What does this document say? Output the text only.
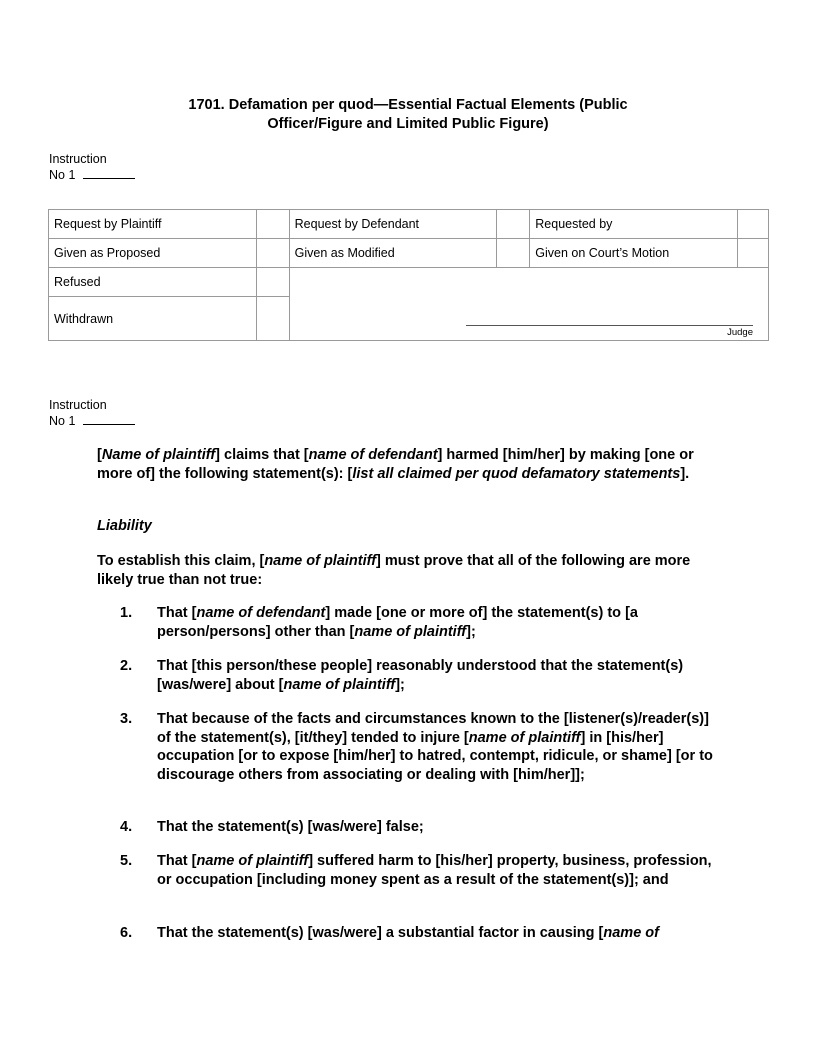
1701. Defamation per quod—Essential Factual Elements (Public
Officer/Figure and Limited Public Figure)
Instruction
No 1
Request by Plaintiff		Request by Defendant		Requested by	
Given as Proposed		Given as Modified		Given on Court’s Motion	
Refused		Judge			

Withdrawn					
Instruction
No 1

[Name of plaintiff] claims that [name of defendant] harmed [him/her] by making [one or more of] the following statement(s): [list all claimed per quod defamatory statements].

Liability

To establish this claim, [name of plaintiff] must prove that all of the following are more likely true than not true:

1.	That [name of defendant] made [one or more of] the statement(s) to [a person/persons] other than [name of plaintiff];
2.	That [this person/these people] reasonably understood that the statement(s) [was/were] about [name of plaintiff];
3.	That because of the facts and circumstances known to the [listener(s)/reader(s)] of the statement(s), [it/they] tended to injure [name of plaintiff] in [his/her] occupation [or to expose [him/her] to hatred, contempt, ridicule, or shame] [or to discourage others from associating or dealing with [him/her]];
4.	That the statement(s) [was/were] false;
5.	That [name of plaintiff] suffered harm to [his/her] property, business, profession, or occupation [including money spent as a result of the statement(s)]; and
6.	That the statement(s) [was/were] a substantial factor in causing [name of
